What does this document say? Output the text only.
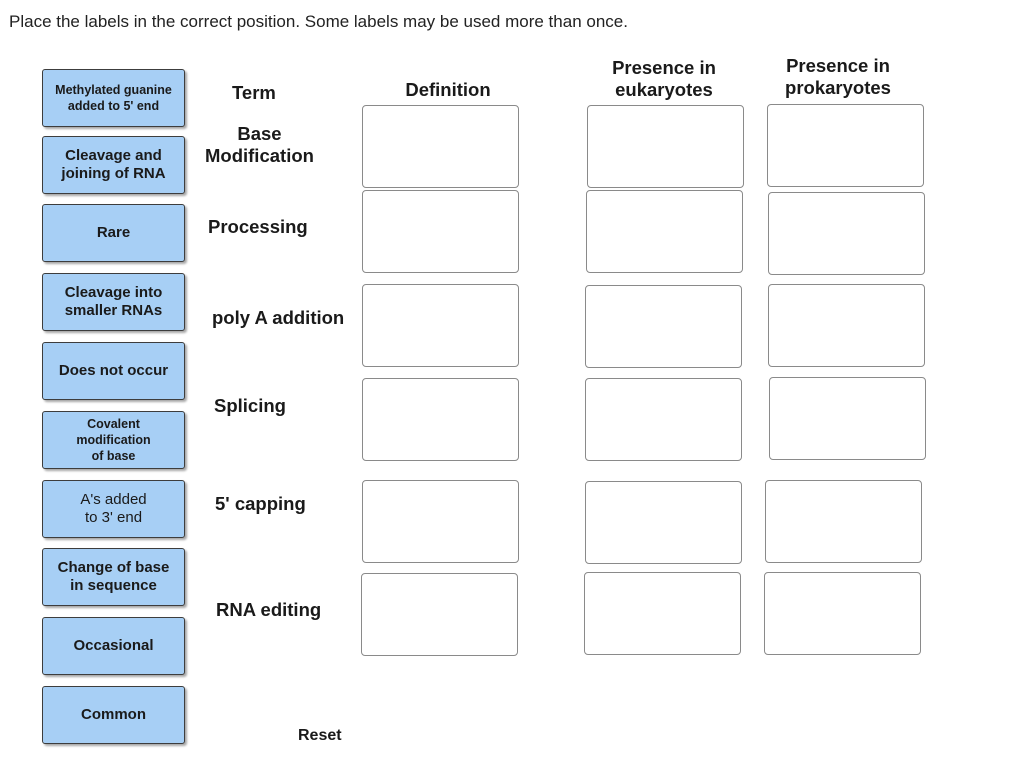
Place the labels in the correct position. Some labels may be used more than once.
Methylated guanine
added to 5' end
Cleavage and
joining of RNA
Rare
Cleavage into
smaller RNAs
Does not occur
Covalent
modification
of base
A's added
to 3' end
Change of base
in sequence
Occasional
Common
Term	Definition
Presence in
eukaryotes
Presence in
prokaryotes
Base
Modification
Processing
poly A addition
Splicing
5' capping
RNA editing
Reset
